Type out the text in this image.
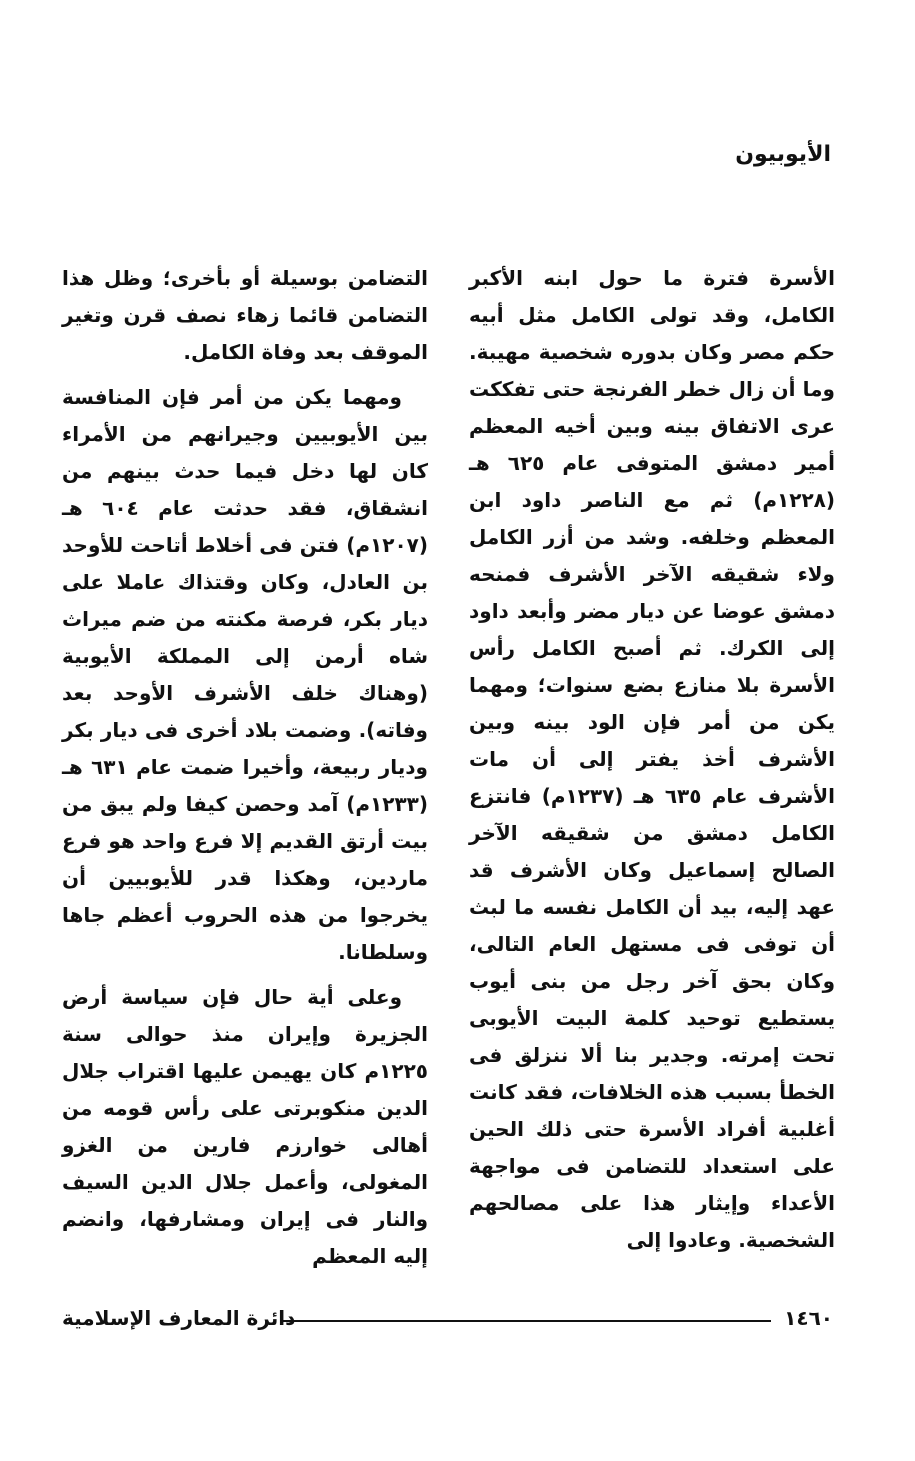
الأيوبيون

الأسرة فترة ما حول ابنه الأكبر الكامل، وقد تولى الكامل مثل أبيه حكم مصر وكان بدوره شخصية مهيبة. وما أن زال خطر الفرنجة حتى تفككت عرى الاتفاق بينه وبين أخيه المعظم أمير دمشق المتوفى عام ٦٢٥ هـ (١٢٢٨م) ثم مع الناصر داود ابن المعظم وخلفه. وشد من أزر الكامل ولاء شقيقه الآخر الأشرف فمنحه دمشق عوضا عن ديار مضر وأبعد داود إلى الكرك. ثم أصبح الكامل رأس الأسرة بلا منازع بضع سنوات؛ ومهما يكن من أمر فإن الود بينه وبين الأشرف أخذ يفتر إلى أن مات الأشرف عام ٦٣٥ هـ (١٢٣٧م) فانتزع الكامل دمشق من شقيقه الآخر الصالح إسماعيل وكان الأشرف قد عهد إليه، بيد أن الكامل نفسه ما لبث أن توفى فى مستهل العام التالى، وكان بحق آخر رجل من بنى أيوب يستطيع توحيد كلمة البيت الأيوبى تحت إمرته. وجدير بنا ألا ننزلق فى الخطأ بسبب هذه الخلافات، فقد كانت أغلبية أفراد الأسرة حتى ذلك الحين على استعداد للتضامن فى مواجهة الأعداء وإيثار هذا على مصالحهم الشخصية. وعادوا إلى

التضامن بوسيلة أو بأخرى؛ وظل هذا التضامن قائما زهاء نصف قرن وتغير الموقف بعد وفاة الكامل.

ومهما يكن من أمر فإن المنافسة بين الأيوبيين وجيرانهم من الأمراء كان لها دخل فيما حدث بينهم من انشقاق، فقد حدثت عام ٦٠٤ هـ (١٢٠٧م) فتن فى أخلاط أتاحت للأوحد بن العادل، وكان وقتذاك عاملا على ديار بكر، فرصة مكنته من ضم ميراث شاه أرمن إلى المملكة الأيوبية (وهناك خلف الأشرف الأوحد بعد وفاته). وضمت بلاد أخرى فى ديار بكر وديار ربيعة، وأخيرا ضمت عام ٦٣١ هـ (١٢٣٣م) آمد وحصن كيفا ولم يبق من بيت أرتق القديم إلا فرع واحد هو فرع ماردين، وهكذا قدر للأيوبيين أن يخرجوا من هذه الحروب أعظم جاها وسلطانا.

وعلى أية حال فإن سياسة أرض الجزيرة وإيران منذ حوالى سنة ١٢٢٥م كان يهيمن عليها اقتراب جلال الدين منكوبرتى على رأس قومه من أهالى خوارزم فارين من الغزو المغولى، وأعمل جلال الدين السيف والنار فى إيران ومشارفها، وانضم إليه المعظم

١٤٦٠
دائرة المعارف الإسلامية
